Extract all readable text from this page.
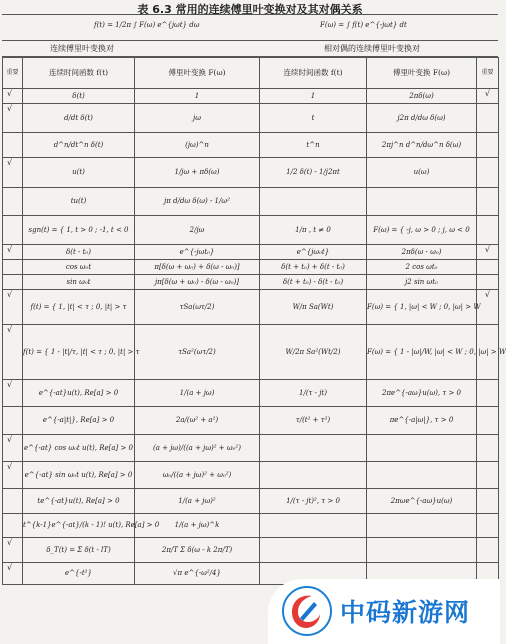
表 6.3 常用的连续傅里叶变换对及其对偶关系
f(t) = 1/2π ∫ F(ω) e^{jωt} dω	F(ω) = ∫ f(t) e^{-jωt} dt
连续傅里叶变换对	相对偶的连续傅里叶变换对
重要	连续时间函数 f(t)	傅里叶变换 F(ω)	连续时间函数 f(t)	傅里叶变换 F(ω)	重要
√	δ(t)	1	1	2πδ(ω)	√
√	d/dt δ(t)	jω	t	j2π d/dω δ(ω)	
	d^n/dt^n δ(t)	(jω)^n	t^n	2πj^n d^n/dω^n δ(ω)	
√	u(t)	1/jω + πδ(ω)	1/2 δ(t) - 1/j2πt	u(ω)	
	tu(t)	jπ d/dω δ(ω) - 1/ω²			
	sgn(t) = { 1, t > 0 ; -1, t < 0	2/jω	1/π , t ≠ 0	F(ω) = { -j, ω > 0 ; j, ω < 0	
√	δ(t - t₀)	e^{-jωt₀}	e^{jω₀t}	2πδ(ω - ω₀)	√
	cos ω₀t	π[δ(ω + ω₀) + δ(ω - ω₀)]	δ(t + t₀) + δ(t - t₀)	2 cos ωt₀	
	sin ω₀t	jπ[δ(ω + ω₀) - δ(ω - ω₀)]	δ(t + t₀) - δ(t - t₀)	j2 sin ωt₀	
√	f(t) = { 1, |t| < τ ; 0, |t| > τ	τSa(ωτ/2)	W/π Sa(Wt)	F(ω) = { 1, |ω| < W ; 0, |ω| > W	√
√	f(t) = { 1 - |t|/τ, |t| < τ ; 0, |t| > τ	τSa²(ωτ/2)	W/2π Sa²(Wt/2)	F(ω) = { 1 - |ω|/W, |ω| < W ; 0, |ω| > W	
√	e^{-at}u(t), Re[a] > 0	1/(a + jω)	1/(τ - jt)	2πe^{-aω}u(ω), τ > 0	
	e^{-a|t|}, Re[a] > 0	2a/(ω² + a²)	τ/(t² + τ²)	πe^{-a|ω|}, τ > 0	
√	e^{-at} cos ω₀t u(t), Re[a] > 0	(a + jω)/((a + jω)² + ω₀²)			
√	e^{-at} sin ω₀t u(t), Re[a] > 0	ω₀/((a + jω)² + ω₀²)			
	te^{-at}u(t), Re[a] > 0	1/(a + jω)²	1/(τ - jt)², τ > 0	2πωe^{-aω}u(ω)	
	t^{k-1}e^{-at}/(k - 1)! u(t), Re[a] > 0	1/(a + jω)^k			
√	δ_T(t) = Σ δ(t - lT)	2π/T Σ δ(ω - k 2π/T)			
√	e^{-t²}	√π e^{-ω²/4}			
中码新游网
